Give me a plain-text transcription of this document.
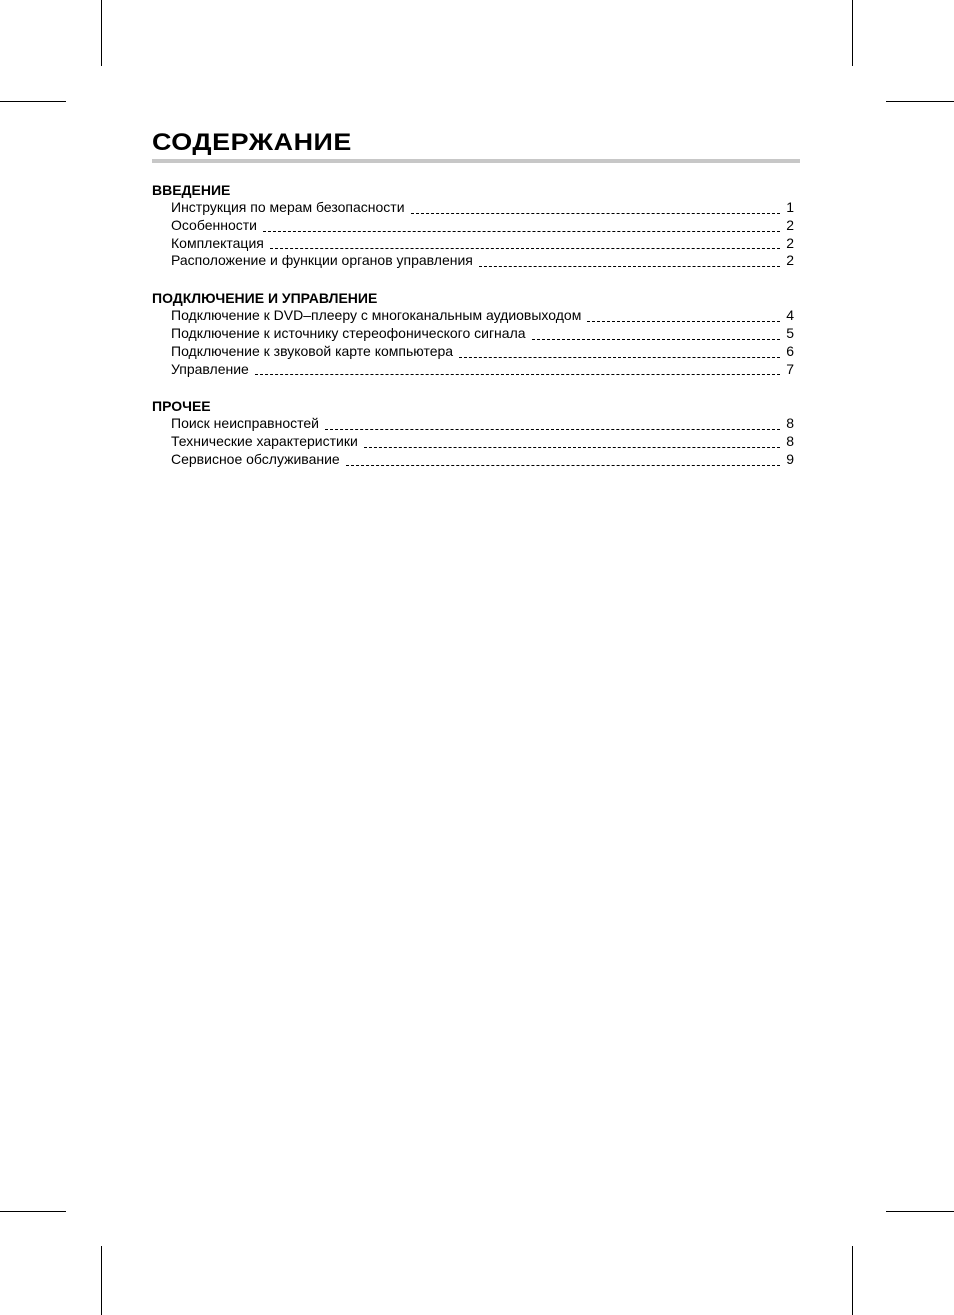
СОДЕРЖАНИЕ
ВВЕДЕНИЕ
Инструкция по мерам безопасности	1
Особенности	2
Комплектация	2
Расположение и функции органов управления	2
ПОДКЛЮЧЕНИЕ И УПРАВЛЕНИЕ
Подключение к DVD–плееру с многоканальным аудиовыходом	4
Подключение к источнику стереофонического сигнала	5
Подключение к звуковой карте компьютера	6
Управление	7
ПРОЧЕЕ
Поиск неисправностей	8
Технические характеристики	8
Сервисное обслуживание	9
